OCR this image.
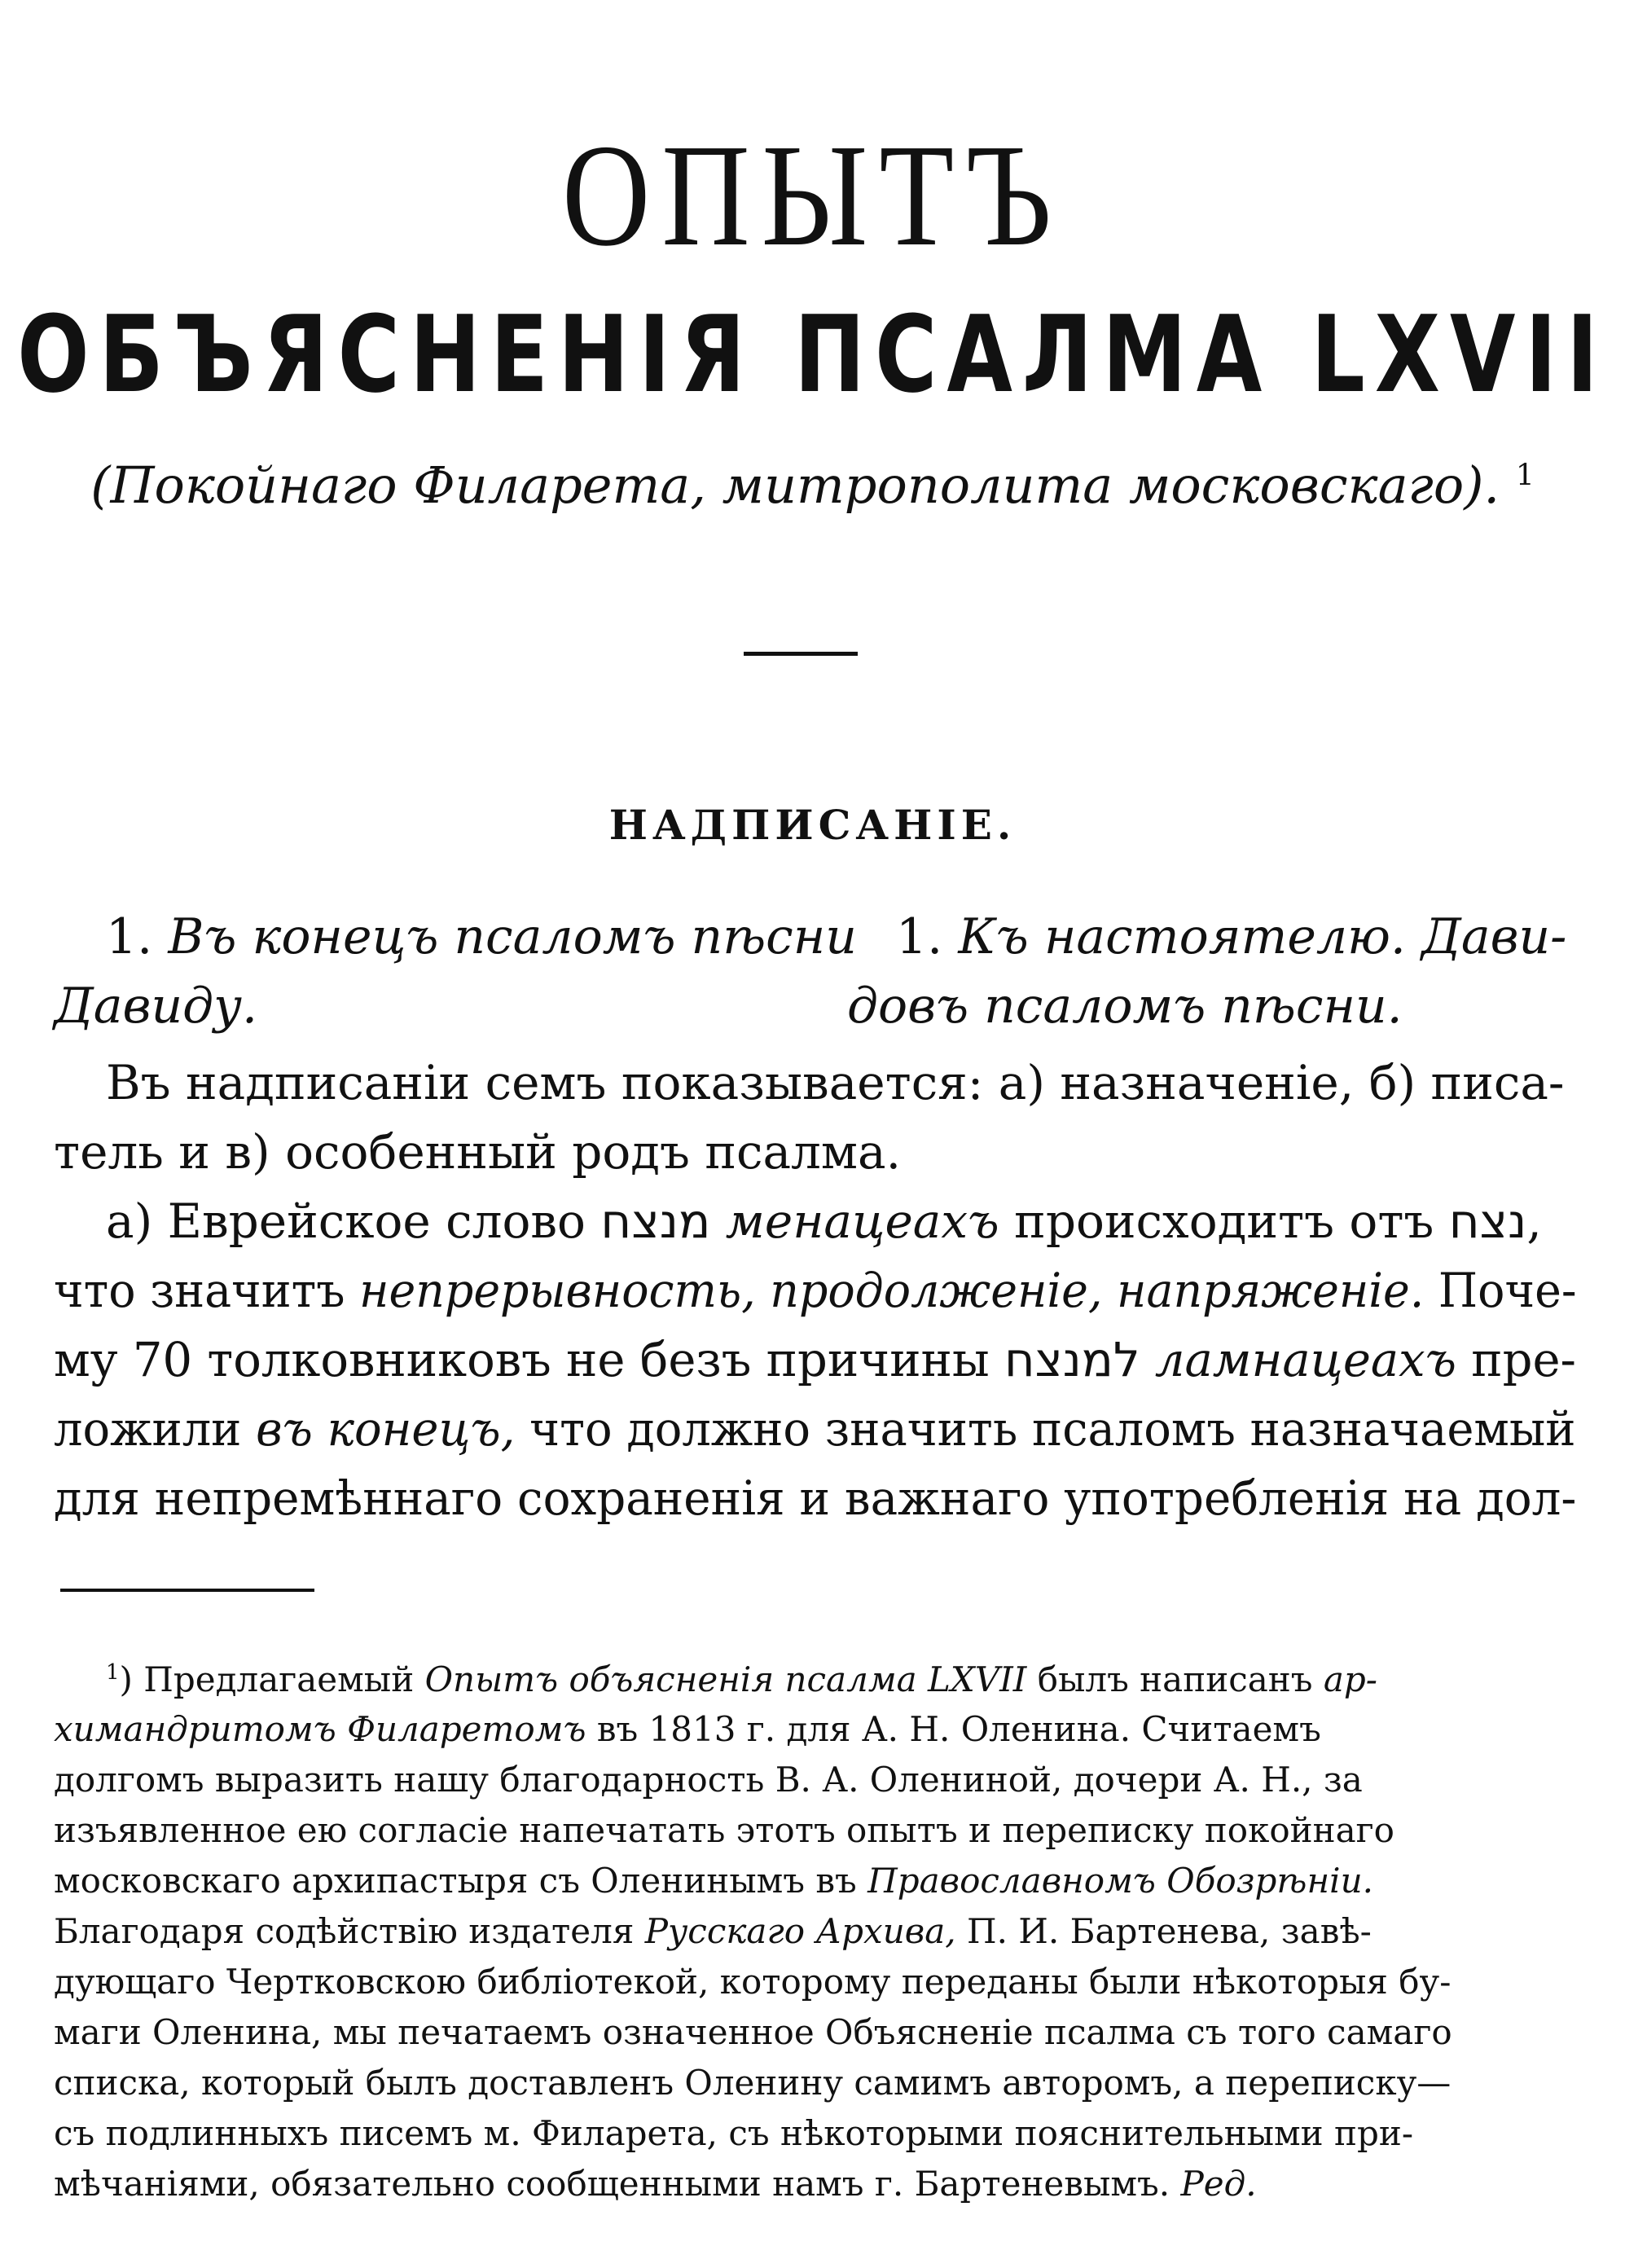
ОПЫТЪ
ОБЪЯСНЕНІЯ ПСАЛМА LXVII
(Покойнаго Филарета, митрополита московскаго). $^1$
НАДПИСАНІЕ.
1. Въ конецъ псаломъ пѣсни
Давиду.
1. Къ настоятелю. Дави-
довъ псаломъ пѣсни.
Въ надписаніи семъ показывается: а) назначеніе, б) писа-
тель и в) особенный родъ псалма.
а) Еврейское слово מנצח менацеахъ происходитъ отъ נצח,
что значитъ непрерывность, продолженіе, напряженіе. Поче-
му 70 толковниковъ не безъ причины למנצח ламнацеахъ пре-
ложили въ конецъ, что должно значить псаломъ назначаемый
для непремѣннаго сохраненія и важнаго употребленія на дол-
$^1$) Предлагаемый Опытъ объясненія псалма LXVII былъ написанъ ар-
химандритомъ Филаретомъ въ 1813 г. для А. Н. Оленина. Считаемъ
долгомъ выразить нашу благодарность В. А. Олениной, дочери А. Н., за
изъявленное ею согласіе напечатать этотъ опытъ и переписку покойнаго
московскаго архипастыря съ Оленинымъ въ Православномъ Обозрѣніи.
Благодаря содѣйствію издателя Русскаго Архива, П. И. Бартенева, завѣ-
дующаго Чертковскою библіотекой, которому переданы были нѣкоторыя бу-
маги Оленина, мы печатаемъ означенное Объясненіе псалма съ того самаго
списка, который былъ доставленъ Оленину самимъ авторомъ, а переписку—
съ подлинныхъ писемъ м. Филарета, съ нѣкоторыми пояснительными при-
мѣчаніями, обязательно сообщенными намъ г. Бартеневымъ. Ред.
